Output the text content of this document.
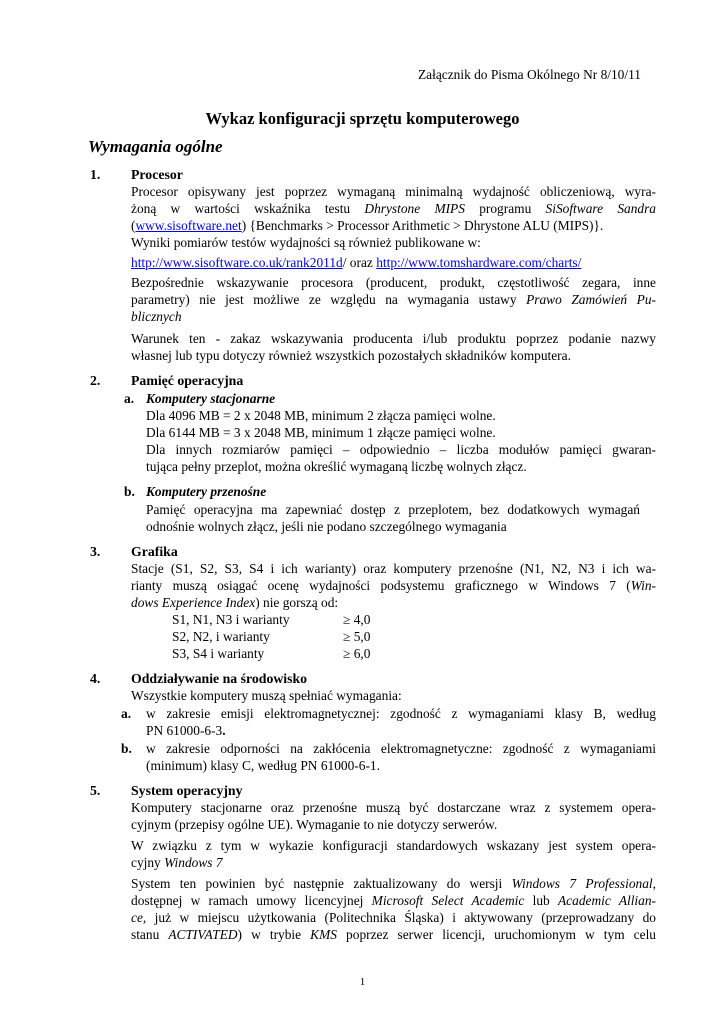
Załącznik do Pisma Okólnego Nr 8/10/11
Wykaz konfiguracji sprzętu komputerowego
Wymagania ogólne
1. Procesor
Procesor opisywany jest poprzez wymaganą minimalną wydajność obliczeniową, wyra-
żoną w wartości wskaźnika testu Dhrystone MIPS programu SiSoftware Sandra
(www.sisoftware.net) {Benchmarks > Processor Arithmetic > Dhrystone ALU (MIPS)}.
Wyniki pomiarów testów wydajności są również publikowane w:
http://www.sisoftware.co.uk/rank2011d/ oraz http://www.tomshardware.com/charts/
Bezpośrednie wskazywanie procesora (producent, produkt, częstotliwość zegara, inne
parametry) nie jest możliwe ze względu na wymagania ustawy Prawo Zamówień Pu-
blicznych
Warunek ten - zakaz wskazywania producenta i/lub produktu poprzez podanie nazwy
własnej lub typu dotyczy również wszystkich pozostałych składników komputera.
2. Pamięć operacyjna
a. Komputery stacjonarne
Dla 4096 MB = 2 x 2048 MB, minimum 2 złącza pamięci wolne.
Dla 6144 MB = 3 x 2048 MB, minimum 1 złącze pamięci wolne.
Dla innych rozmiarów pamięci – odpowiednio – liczba modułów pamięci gwaran-
tująca pełny przeplot, można określić wymaganą liczbę wolnych złącz.
b. Komputery przenośne
Pamięć operacyjna ma zapewniać dostęp z przeplotem, bez dodatkowych wymagań
odnośnie wolnych złącz, jeśli nie podano szczególnego wymagania
3. Grafika
Stacje (S1, S2, S3, S4 i ich warianty) oraz komputery przenośne (N1, N2, N3 i ich wa-
rianty muszą osiągać ocenę wydajności podsystemu graficznego w Windows 7 (Win-
dows Experience Index) nie gorszą od:
S1, N1, N3 i warianty	≥ 4,0
S2, N2, i warianty	≥ 5,0
S3, S4 i warianty	≥ 6,0
4. Oddziaływanie na środowisko
Wszystkie komputery muszą spełniać wymagania:
a. w zakresie emisji elektromagnetycznej: zgodność z wymaganiami klasy B, według
PN 61000-6-3.
b. w zakresie odporności na zakłócenia elektromagnetyczne: zgodność z wymaganiami
(minimum) klasy C, według PN 61000-6-1.
5. System operacyjny
Komputery stacjonarne oraz przenośne muszą być dostarczane wraz z systemem opera-
cyjnym (przepisy ogólne UE). Wymaganie to nie dotyczy serwerów.
W związku z tym w wykazie konfiguracji standardowych wskazany jest system opera-
cyjny Windows 7
System ten powinien być następnie zaktualizowany do wersji Windows 7 Professional,
dostępnej w ramach umowy licencyjnej Microsoft Select Academic lub Academic Allian-
ce, już w miejscu użytkowania (Politechnika Śląska) i aktywowany (przeprowadzany do
stanu ACTIVATED) w trybie KMS poprzez serwer licencji, uruchomionym w tym celu
1
